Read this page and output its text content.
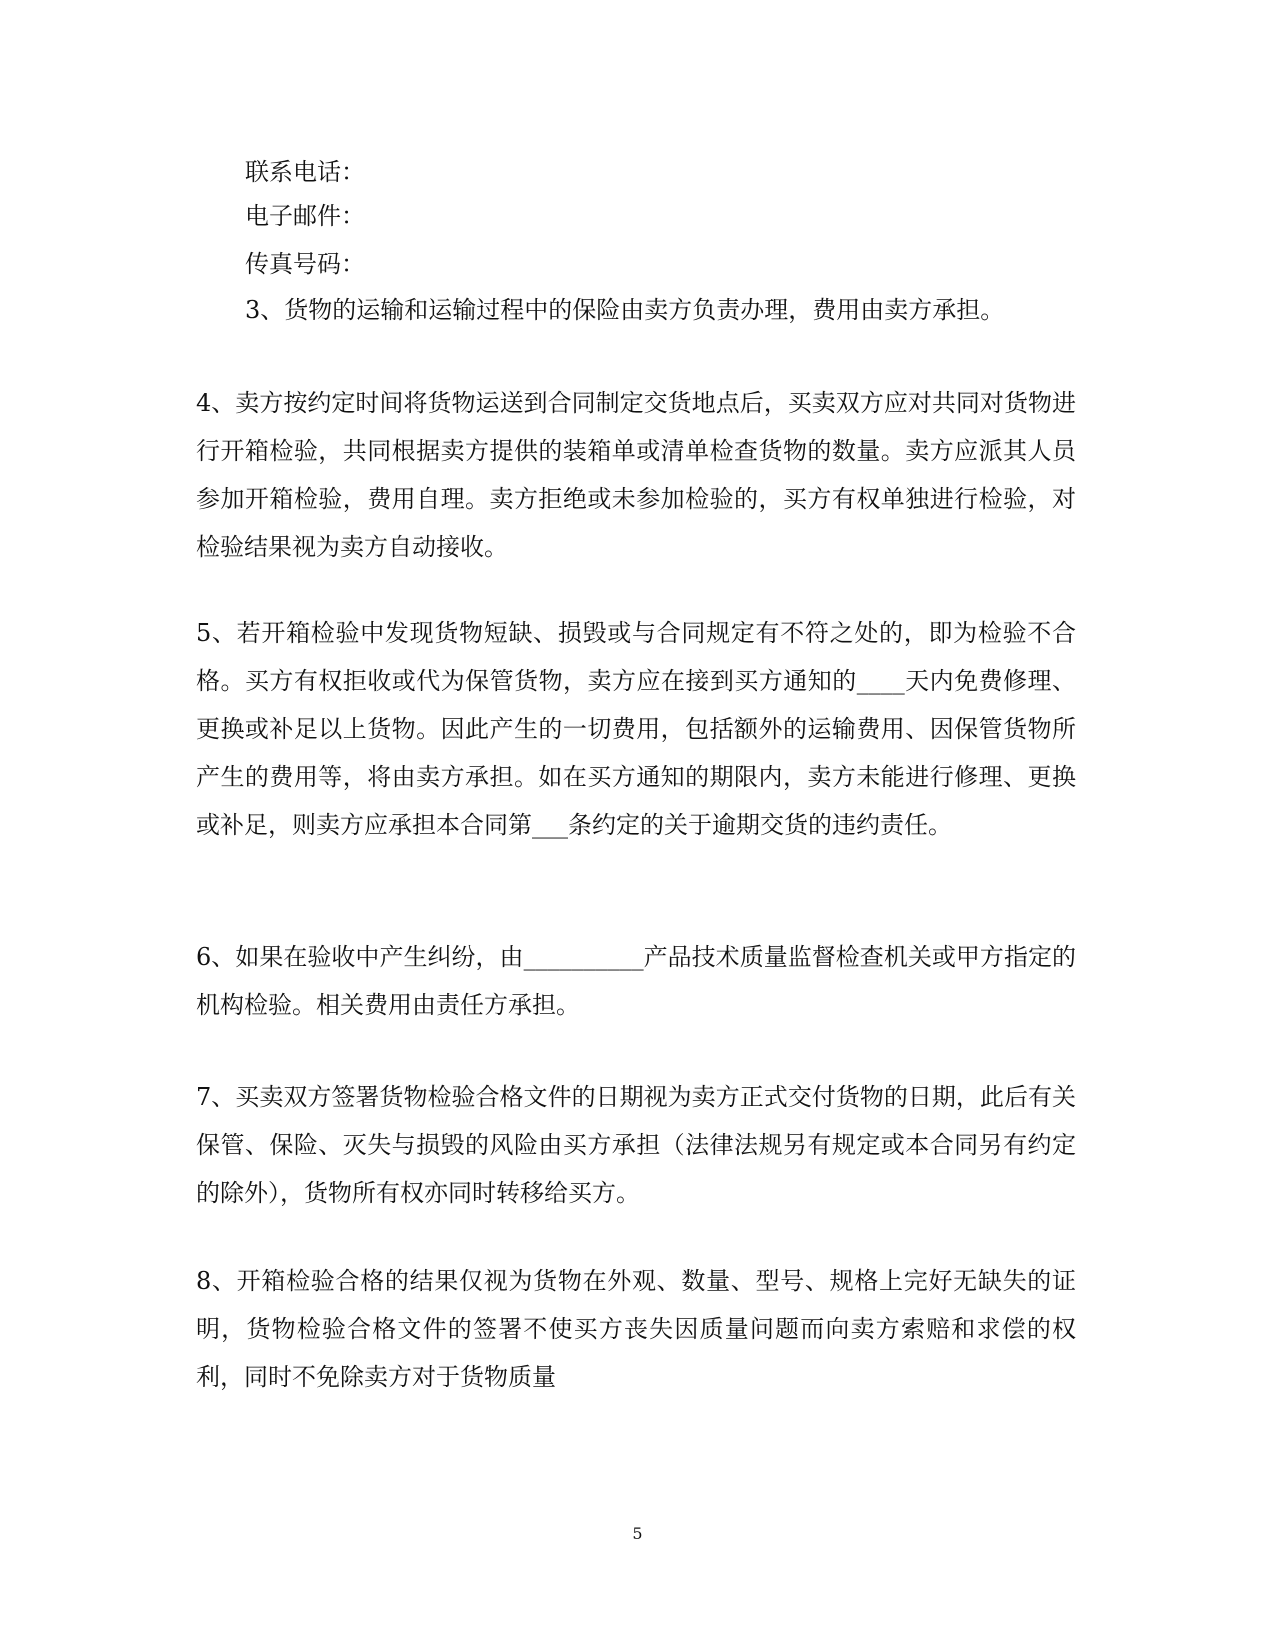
联系电话：
电子邮件：
传真号码：
3、货物的运输和运输过程中的保险由卖方负责办理，费用由卖方承担。

4、卖方按约定时间将货物运送到合同制定交货地点后，买卖双方应对共同对货物进行开箱检验，共同根据卖方提供的装箱单或清单检查货物的数量。卖方应派其人员参加开箱检验，费用自理。卖方拒绝或未参加检验的，买方有权单独进行检验，对检验结果视为卖方自动接收。

5、若开箱检验中发现货物短缺、损毁或与合同规定有不符之处的，即为检验不合格。买方有权拒收或代为保管货物，卖方应在接到买方通知的____天内免费修理、更换或补足以上货物。因此产生的一切费用，包括额外的运输费用、因保管货物所产生的费用等，将由卖方承担。如在买方通知的期限内，卖方未能进行修理、更换或补足，则卖方应承担本合同第___条约定的关于逾期交货的违约责任。

6、如果在验收中产生纠纷，由__________产品技术质量监督检查机关或甲方指定的机构检验。相关费用由责任方承担。

7、买卖双方签署货物检验合格文件的日期视为卖方正式交付货物的日期，此后有关保管、保险、灭失与损毁的风险由买方承担（法律法规另有规定或本合同另有约定的除外），货物所有权亦同时转移给买方。

8、开箱检验合格的结果仅视为货物在外观、数量、型号、规格上完好无缺失的证明，货物检验合格文件的签署不使买方丧失因质量问题而向卖方索赔和求偿的权利，同时不免除卖方对于货物质量

5
